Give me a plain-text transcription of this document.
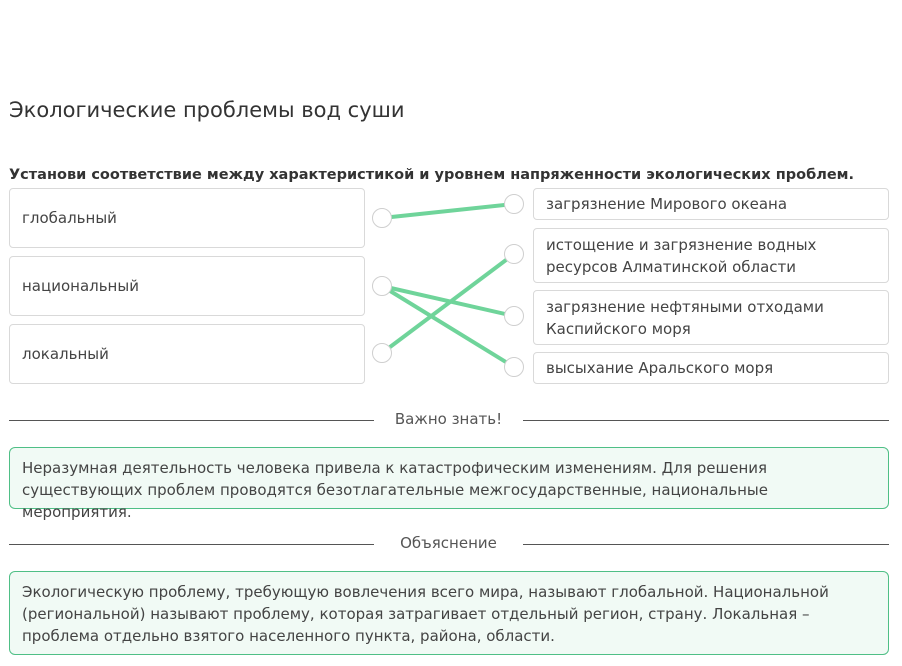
Экологические проблемы вод суши
Установи соответствие между характеристикой и уровнем напряженности экологических проблем.
глобальный
национальный
локальный
загрязнение Мирового океана
истощение и загрязнение водных
ресурсов Алматинской области
загрязнение нефтяными отходами
Каспийского моря
высыхание Аральского моря
Важно знать!
Неразумная деятельность человека привела к катастрофическим изменениям. Для решения существующих проблем проводятся безотлагательные межгосударственные, национальные мероприятия.
Объяснение
Экологическую проблему, требующую вовлечения всего мира, называют глобальной. Национальной (региональной) называют проблему, которая затрагивает отдельный регион, страну. Локальная – проблема отдельно взятого населенного пункта, района, области.
